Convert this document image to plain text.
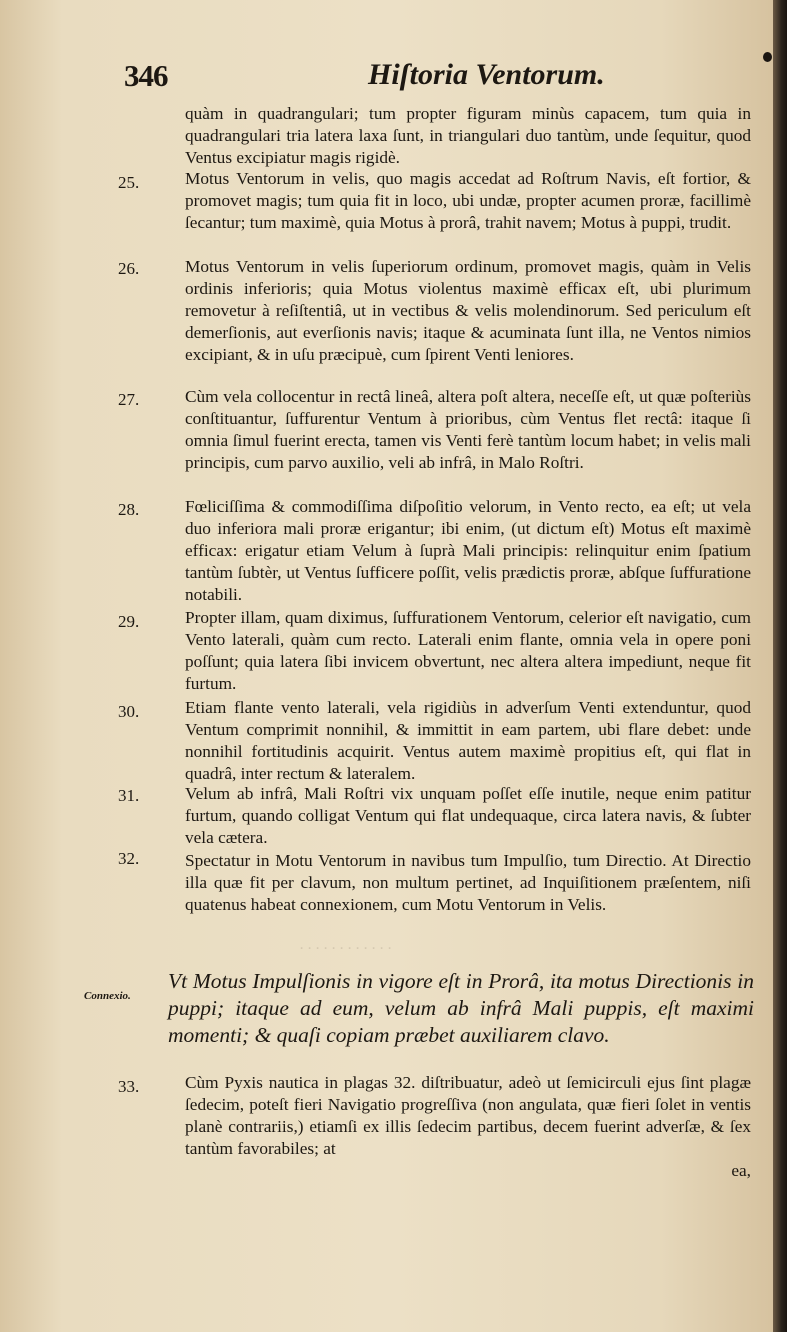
346	Hiſtoria Ventorum.
. . . . . . . . . . . .
quàm in quadrangulari; tum propter figuram minùs capacem, tum quia in quadrangulari tria latera laxa ſunt, in triangulari duo tantùm, unde ſequitur, quod Ventus excipiatur magis rigidè.
25.	Motus Ventorum in velis, quo magis accedat ad Roſtrum Navis, eſt fortior, & promovet magis; tum quia fit in loco, ubi undæ, propter acumen proræ, facillimè ſecantur; tum maximè, quia Motus à prorâ, trahit navem; Motus à puppi, trudit.
26.	Motus Ventorum in velis ſuperiorum ordinum, promovet magis, quàm in Velis ordinis inferioris; quia Motus violentus maximè efficax eſt, ubi plurimum removetur à reſiſtentiâ, ut in vectibus & velis molendinorum. Sed periculum eſt demerſionis, aut everſionis navis; itaque & acuminata ſunt illa, ne Ventos nimios excipiant, & in uſu præcipuè, cum ſpirent Venti leniores.
27.	Cùm vela collocentur in rectâ lineâ, altera poſt altera, neceſſe eſt, ut quæ poſteriùs conſtituantur, ſuffurentur Ventum à prioribus, cùm Ventus flet rectâ: itaque ſi omnia ſimul fuerint erecta, tamen vis Venti ferè tantùm locum habet; in velis mali principis, cum parvo auxilio, veli ab infrâ, in Malo Roſtri.
28.	Fœliciſſima & commodiſſima diſpoſitio velorum, in Vento recto, ea eſt; ut vela duo inferiora mali proræ erigantur; ibi enim, (ut dictum eſt) Motus eſt maximè efficax: erigatur etiam Velum à ſuprà Mali principis: relinquitur enim ſpatium tantùm ſubtèr, ut Ventus ſufficere poſſit, velis prædictis proræ, abſque ſuffuratione notabili.
29.	Propter illam, quam diximus, ſuffurationem Ventorum, celerior eſt navigatio, cum Vento laterali, quàm cum recto. Laterali enim flante, omnia vela in opere poni poſſunt; quia latera ſibi invicem obvertunt, nec altera altera impediunt, neque fit furtum.
30.	Etiam flante vento laterali, vela rigidiùs in adverſum Venti extenduntur, quod Ventum comprimit nonnihil, & immittit in eam partem, ubi flare debet: unde nonnihil fortitudinis acquirit. Ventus autem maximè propitius eſt, qui flat in quadrâ, inter rectum & lateralem.
31.	Velum ab infrâ, Mali Roſtri vix unquam poſſet eſſe inutile, neque enim patitur furtum, quando colligat Ventum qui flat undequaque, circa latera navis, & ſubter vela cætera.
32.	Spectatur in Motu Ventorum in navibus tum Impulſio, tum Directio. At Directio illa quæ fit per clavum, non multum pertinet, ad Inquiſitionem præſentem, niſi quatenus habeat connexionem, cum Motu Ventorum in Velis.
Connexio.
Vt Motus Impulſionis in vigore eſt in Prorâ, ita motus Directionis in puppi; itaque ad eum, velum ab infrâ Mali puppis, eſt maximi momenti; & quaſi copiam præbet auxiliarem clavo.
33.	Cùm Pyxis nautica in plagas 32. diſtribuatur, adeò ut ſemicirculi ejus ſint plagæ ſedecim, poteſt fieri Navigatio progreſſiva (non angulata, quæ fieri ſolet in ventis planè contrariis,) etiamſi ex illis ſedecim partibus, decem fuerint adverſæ, & ſex tantùm favorabiles; at
ea,
